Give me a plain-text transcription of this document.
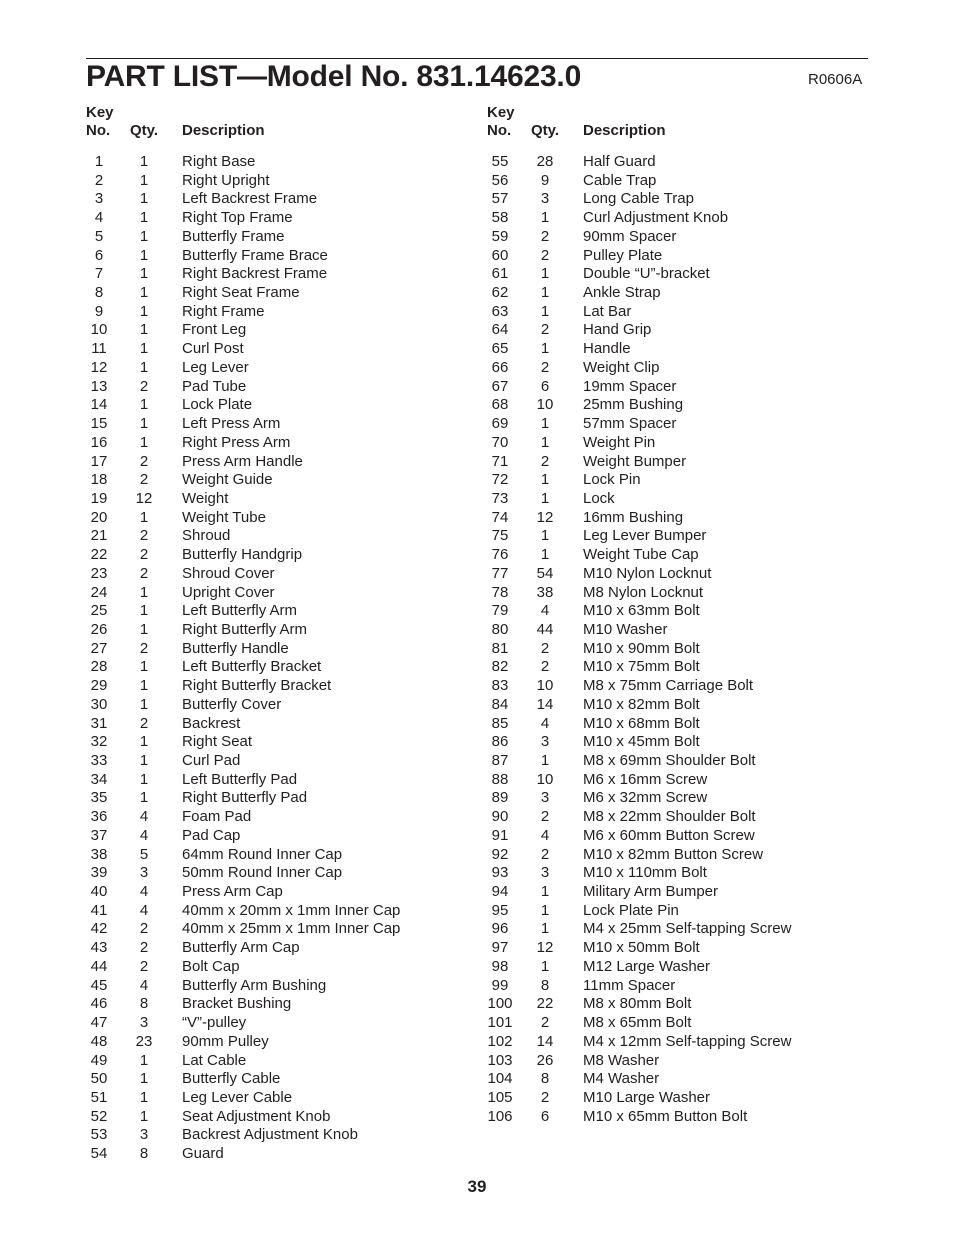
PART LIST—Model No. 831.14623.0	R0606A
Key
No. Qty. Description
1	1	Right Base
2	1	Right Upright
3	1	Left Backrest Frame
4	1	Right Top Frame
5	1	Butterfly Frame
6	1	Butterfly Frame Brace
7	1	Right Backrest Frame
8	1	Right Seat Frame
9	1	Right Frame
10	1	Front Leg
11	1	Curl Post
12	1	Leg Lever
13	2	Pad Tube
14	1	Lock Plate
15	1	Left Press Arm
16	1	Right Press Arm
17	2	Press Arm Handle
18	2	Weight Guide
19	12	Weight
20	1	Weight Tube
21	2	Shroud
22	2	Butterfly Handgrip
23	2	Shroud Cover
24	1	Upright Cover
25	1	Left Butterfly Arm
26	1	Right Butterfly Arm
27	2	Butterfly Handle
28	1	Left Butterfly Bracket
29	1	Right Butterfly Bracket
30	1	Butterfly Cover
31	2	Backrest
32	1	Right Seat
33	1	Curl Pad
34	1	Left Butterfly Pad
35	1	Right Butterfly Pad
36	4	Foam Pad
37	4	Pad Cap
38	5	64mm Round Inner Cap
39	3	50mm Round Inner Cap
40	4	Press Arm Cap
41	4	40mm x 20mm x 1mm Inner Cap
42	2	40mm x 25mm x 1mm Inner Cap
43	2	Butterfly Arm Cap
44	2	Bolt Cap
45	4	Butterfly Arm Bushing
46	8	Bracket Bushing
47	3	“V”-pulley
48	23	90mm Pulley
49	1	Lat Cable
50	1	Butterfly Cable
51	1	Leg Lever Cable
52	1	Seat Adjustment Knob
53	3	Backrest Adjustment Knob
54	8	Guard
Key
No. Qty. Description
55	28	Half Guard
56	9	Cable Trap
57	3	Long Cable Trap
58	1	Curl Adjustment Knob
59	2	90mm Spacer
60	2	Pulley Plate
61	1	Double “U”-bracket
62	1	Ankle Strap
63	1	Lat Bar
64	2	Hand Grip
65	1	Handle
66	2	Weight Clip
67	6	19mm Spacer
68	10	25mm Bushing
69	1	57mm Spacer
70	1	Weight Pin
71	2	Weight Bumper
72	1	Lock Pin
73	1	Lock
74	12	16mm Bushing
75	1	Leg Lever Bumper
76	1	Weight Tube Cap
77	54	M10 Nylon Locknut
78	38	M8 Nylon Locknut
79	4	M10 x 63mm Bolt
80	44	M10 Washer
81	2	M10 x 90mm Bolt
82	2	M10 x 75mm Bolt
83	10	M8 x 75mm Carriage Bolt
84	14	M10 x 82mm Bolt
85	4	M10 x 68mm Bolt
86	3	M10 x 45mm Bolt
87	1	M8 x 69mm Shoulder Bolt
88	10	M6 x 16mm Screw
89	3	M6 x 32mm Screw
90	2	M8 x 22mm Shoulder Bolt
91	4	M6 x 60mm Button Screw
92	2	M10 x 82mm Button Screw
93	3	M10 x 110mm Bolt
94	1	Military Arm Bumper
95	1	Lock Plate Pin
96	1	M4 x 25mm Self-tapping Screw
97	12	M10 x 50mm Bolt
98	1	M12 Large Washer
99	8	11mm Spacer
100	22	M8 x 80mm Bolt
101	2	M8 x 65mm Bolt
102	14	M4 x 12mm Self-tapping Screw
103	26	M8 Washer
104	8	M4 Washer
105	2	M10 Large Washer
106	6	M10 x 65mm Button Bolt
39
